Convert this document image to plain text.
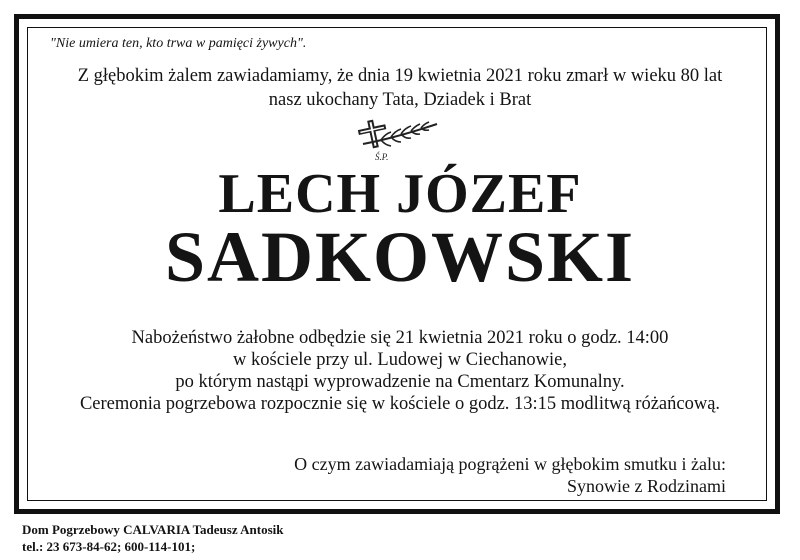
"Nie umiera ten, kto trwa w pamięci żywych".
Z głębokim żalem zawiadamiamy, że dnia 19 kwietnia 2021 roku zmarł w wieku 80 lat
nasz ukochany Tata, Dziadek i Brat
Ś.P.
LECH JÓZEF
SADKOWSKI
Nabożeństwo żałobne odbędzie się 21 kwietnia 2021 roku o godz. 14:00
w kościele przy ul. Ludowej w Ciechanowie,
po którym nastąpi wyprowadzenie na Cmentarz Komunalny.
Ceremonia pogrzebowa rozpocznie się w kościele o godz. 13:15 modlitwą różańcową.
O czym zawiadamiają pogrążeni w głębokim smutku i żalu:
Synowie z Rodzinami
Dom Pogrzebowy CALVARIA Tadeusz Antosik
tel.: 23 673-84-62; 600-114-101;
